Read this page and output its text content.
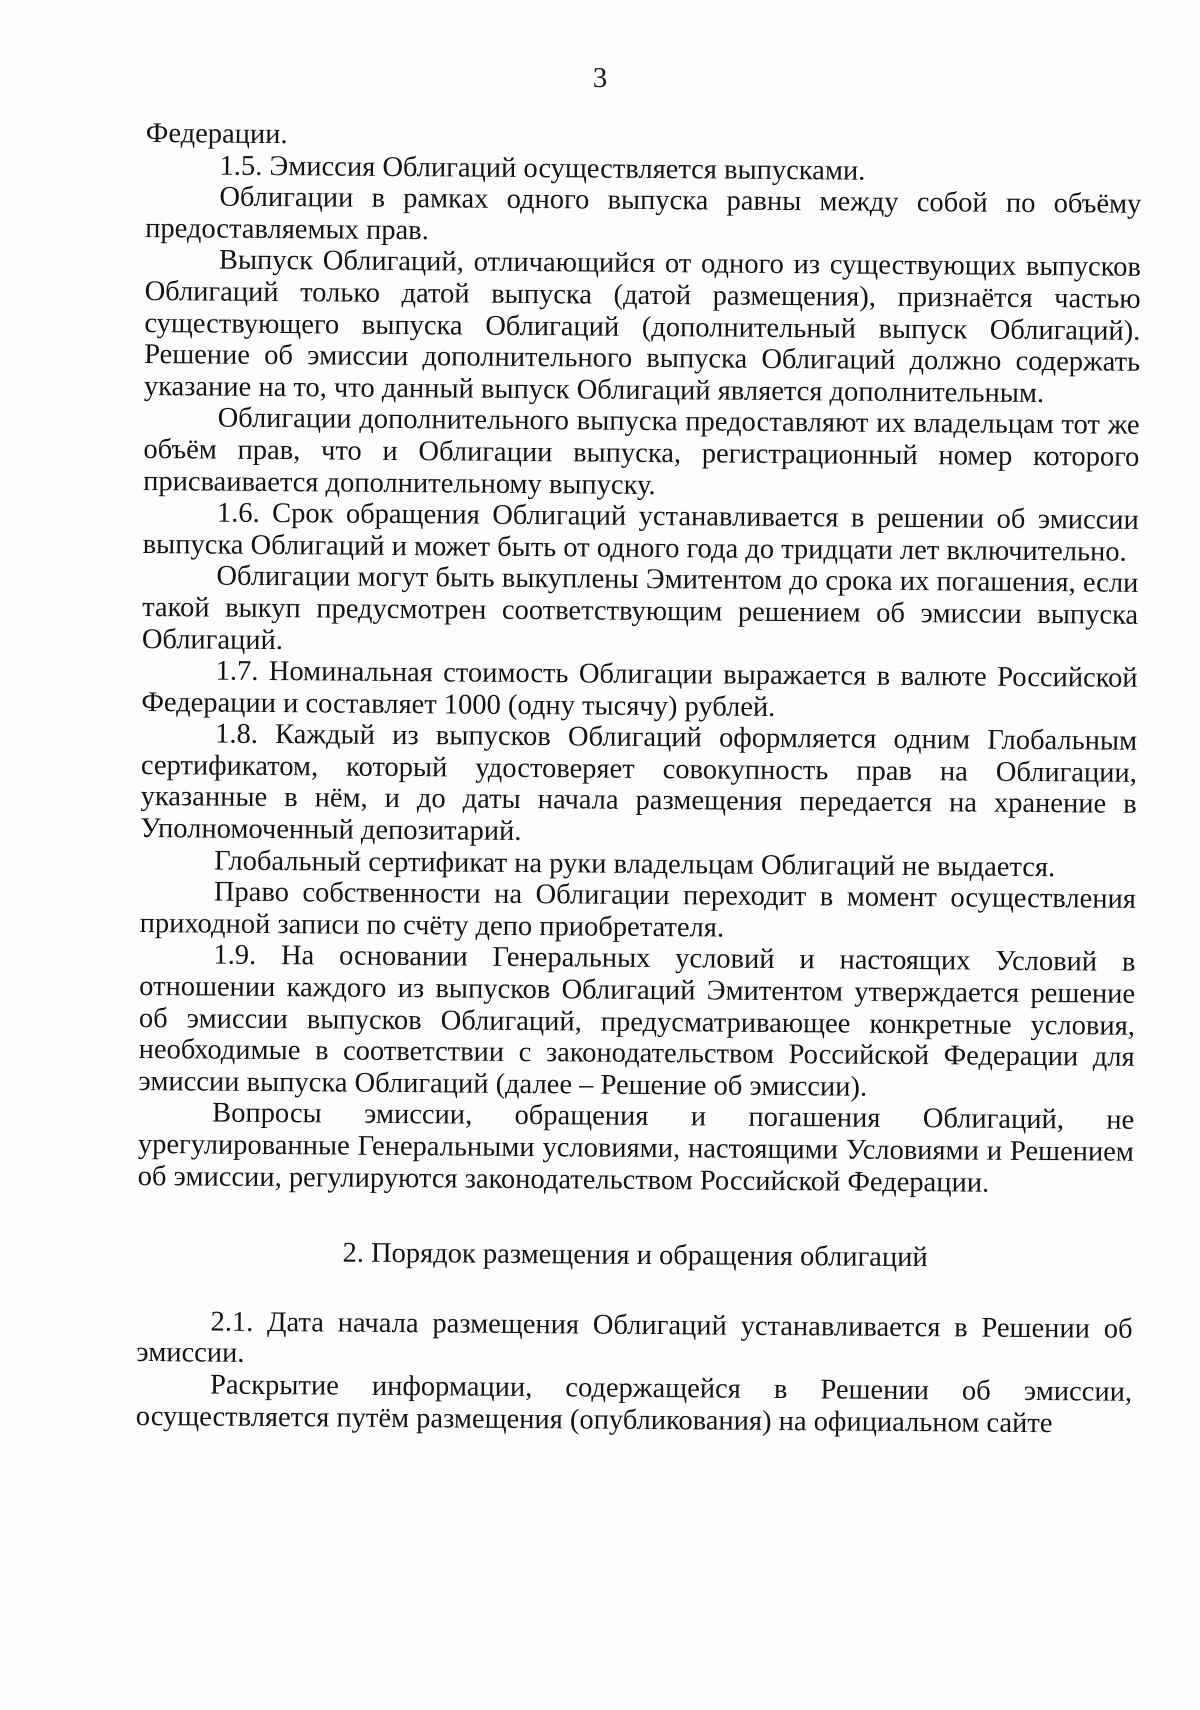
3

Федерации.

1.5. Эмиссия Облигаций осуществляется выпусками.

Облигации в рамках одного выпуска равны между собой по объёму предоставляемых прав.

Выпуск Облигаций, отличающийся от одного из существующих выпусков Облигаций только датой выпуска (датой размещения), признаётся частью существующего выпуска Облигаций (дополнительный выпуск Облигаций). Решение об эмиссии дополнительного выпуска Облигаций должно содержать указание на то, что данный выпуск Облигаций является дополнительным.

Облигации дополнительного выпуска предоставляют их владельцам тот же объём прав, что и Облигации выпуска, регистрационный номер которого присваивается дополнительному выпуску.

1.6. Срок обращения Облигаций устанавливается в решении об эмиссии выпуска Облигаций и может быть от одного года до тридцати лет включительно.

Облигации могут быть выкуплены Эмитентом до срока их погашения, если такой выкуп предусмотрен соответствующим решением об эмиссии выпуска Облигаций.

1.7. Номинальная стоимость Облигации выражается в валюте Российской Федерации и составляет 1000 (одну тысячу) рублей.

1.8. Каждый из выпусков Облигаций оформляется одним Глобальным сертификатом, который удостоверяет совокупность прав на Облигации, указанные в нём, и до даты начала размещения передается на хранение в Уполномоченный депозитарий.

Глобальный сертификат на руки владельцам Облигаций не выдается.

Право собственности на Облигации переходит в момент осуществления приходной записи по счёту депо приобретателя.

1.9. На основании Генеральных условий и настоящих Условий в отношении каждого из выпусков Облигаций Эмитентом утверждается решение об эмиссии выпусков Облигаций, предусматривающее конкретные условия, необходимые в соответствии с законодательством Российской Федерации для эмиссии выпуска Облигаций (далее – Решение об эмиссии).

Вопросы эмиссии, обращения и погашения Облигаций, не урегулированные Генеральными условиями, настоящими Условиями и Решением об эмиссии, регулируются законодательством Российской Федерации.

2. Порядок размещения и обращения облигаций

2.1. Дата начала размещения Облигаций устанавливается в Решении об эмиссии.

Раскрытие информации, содержащейся в Решении об эмиссии, осуществляется путём размещения (опубликования) на официальном сайте
